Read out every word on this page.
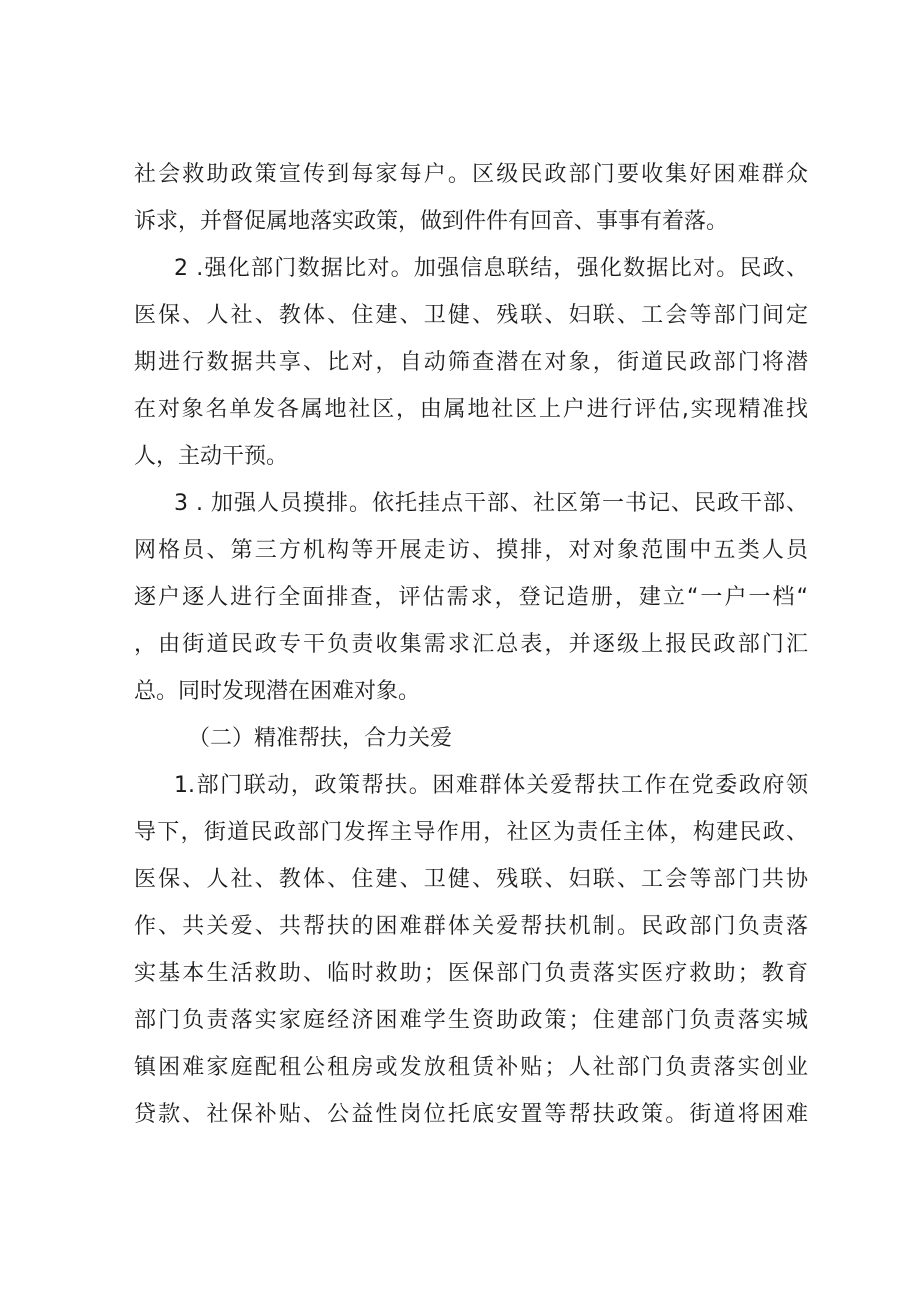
社会救助政策宣传到每家每户。区级民政部门要收集好困难群众

诉求，并督促属地落实政策，做到件件有回音、事事有着落。

2 .强化部门数据比对。加强信息联结，强化数据比对。民政、

医保、人社、教体、住建、卫健、残联、妇联、工会等部门间定

期进行数据共享、比对，自动筛查潜在对象，街道民政部门将潜

在对象名单发各属地社区，由属地社区上户进行评估,实现精准找

人，主动干预。

3 . 加强人员摸排。依托挂点干部、社区第一书记、民政干部、

网格员、第三方机构等开展走访、摸排，对对象范围中五类人员

逐户逐人进行全面排查，评估需求，登记造册，建立“一户一档“

，由街道民政专干负责收集需求汇总表，并逐级上报民政部门汇

总。同时发现潜在困难对象。

（二）精准帮扶，合力关爱

1.部门联动，政策帮扶。困难群体关爱帮扶工作在党委政府领

导下，街道民政部门发挥主导作用，社区为责任主体，构建民政、

医保、人社、教体、住建、卫健、残联、妇联、工会等部门共协

作、共关爱、共帮扶的困难群体关爱帮扶机制。民政部门负责落

实基本生活救助、临时救助；医保部门负责落实医疗救助；教育

部门负责落实家庭经济困难学生资助政策；住建部门负责落实城

镇困难家庭配租公租房或发放租赁补贴；人社部门负责落实创业

贷款、社保补贴、公益性岗位托底安置等帮扶政策。街道将困难
